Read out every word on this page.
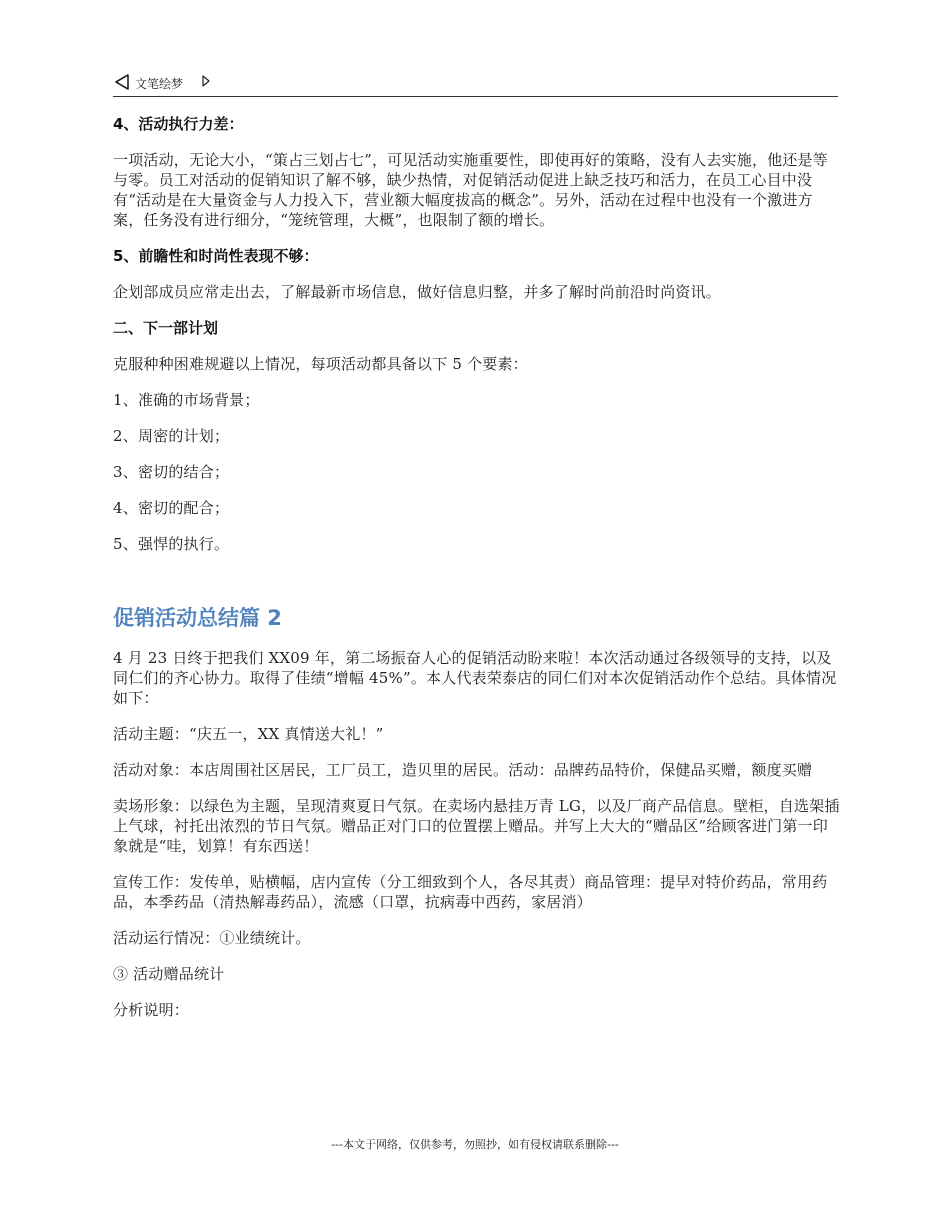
文笔绘梦
4、活动执行力差：
一项活动，无论大小，“策占三划占七”，可见活动实施重要性，即使再好的策略，没有人去实施，他还是等与零。员工对活动的促销知识了解不够，缺少热情，对促销活动促进上缺乏技巧和活力，在员工心目中没有“活动是在大量资金与人力投入下，营业额大幅度拔高的概念”。另外，活动在过程中也没有一个激进方案，任务没有进行细分，“笼统管理，大概”，也限制了额的增长。
5、前瞻性和时尚性表现不够：
企划部成员应常走出去，了解最新市场信息，做好信息归整，并多了解时尚前沿时尚资讯。
二、下一部计划
克服种种困难规避以上情况，每项活动都具备以下 5 个要素：
1、准确的市场背景；
2、周密的计划；
3、密切的结合；
4、密切的配合；
5、强悍的执行。
促销活动总结篇 2
4 月 23 日终于把我们 XX09 年，第二场振奋人心的促销活动盼来啦！本次活动通过各级领导的支持，以及同仁们的齐心协力。取得了佳绩“增幅 45%”。本人代表荣泰店的同仁们对本次促销活动作个总结。具体情况如下：
活动主题：“庆五一，XX 真情送大礼！”
活动对象：本店周围社区居民，工厂员工，造贝里的居民。活动：品牌药品特价，保健品买赠，额度买赠
卖场形象：以绿色为主题，呈现清爽夏日气氛。在卖场内悬挂万青 LG，以及厂商产品信息。壁柜，自选架插上气球，衬托出浓烈的节日气氛。赠品正对门口的位置摆上赠品。并写上大大的“赠品区”给顾客进门第一印象就是“哇，划算！有东西送！
宣传工作：发传单，贴横幅，店内宣传（分工细致到个人，各尽其责）商品管理：提早对特价药品，常用药品，本季药品（清热解毒药品），流感（口罩，抗病毒中西药，家居消）
活动运行情况：①业绩统计。
③ 活动赠品统计
分析说明：
---本文于网络，仅供参考，勿照抄，如有侵权请联系删除---
